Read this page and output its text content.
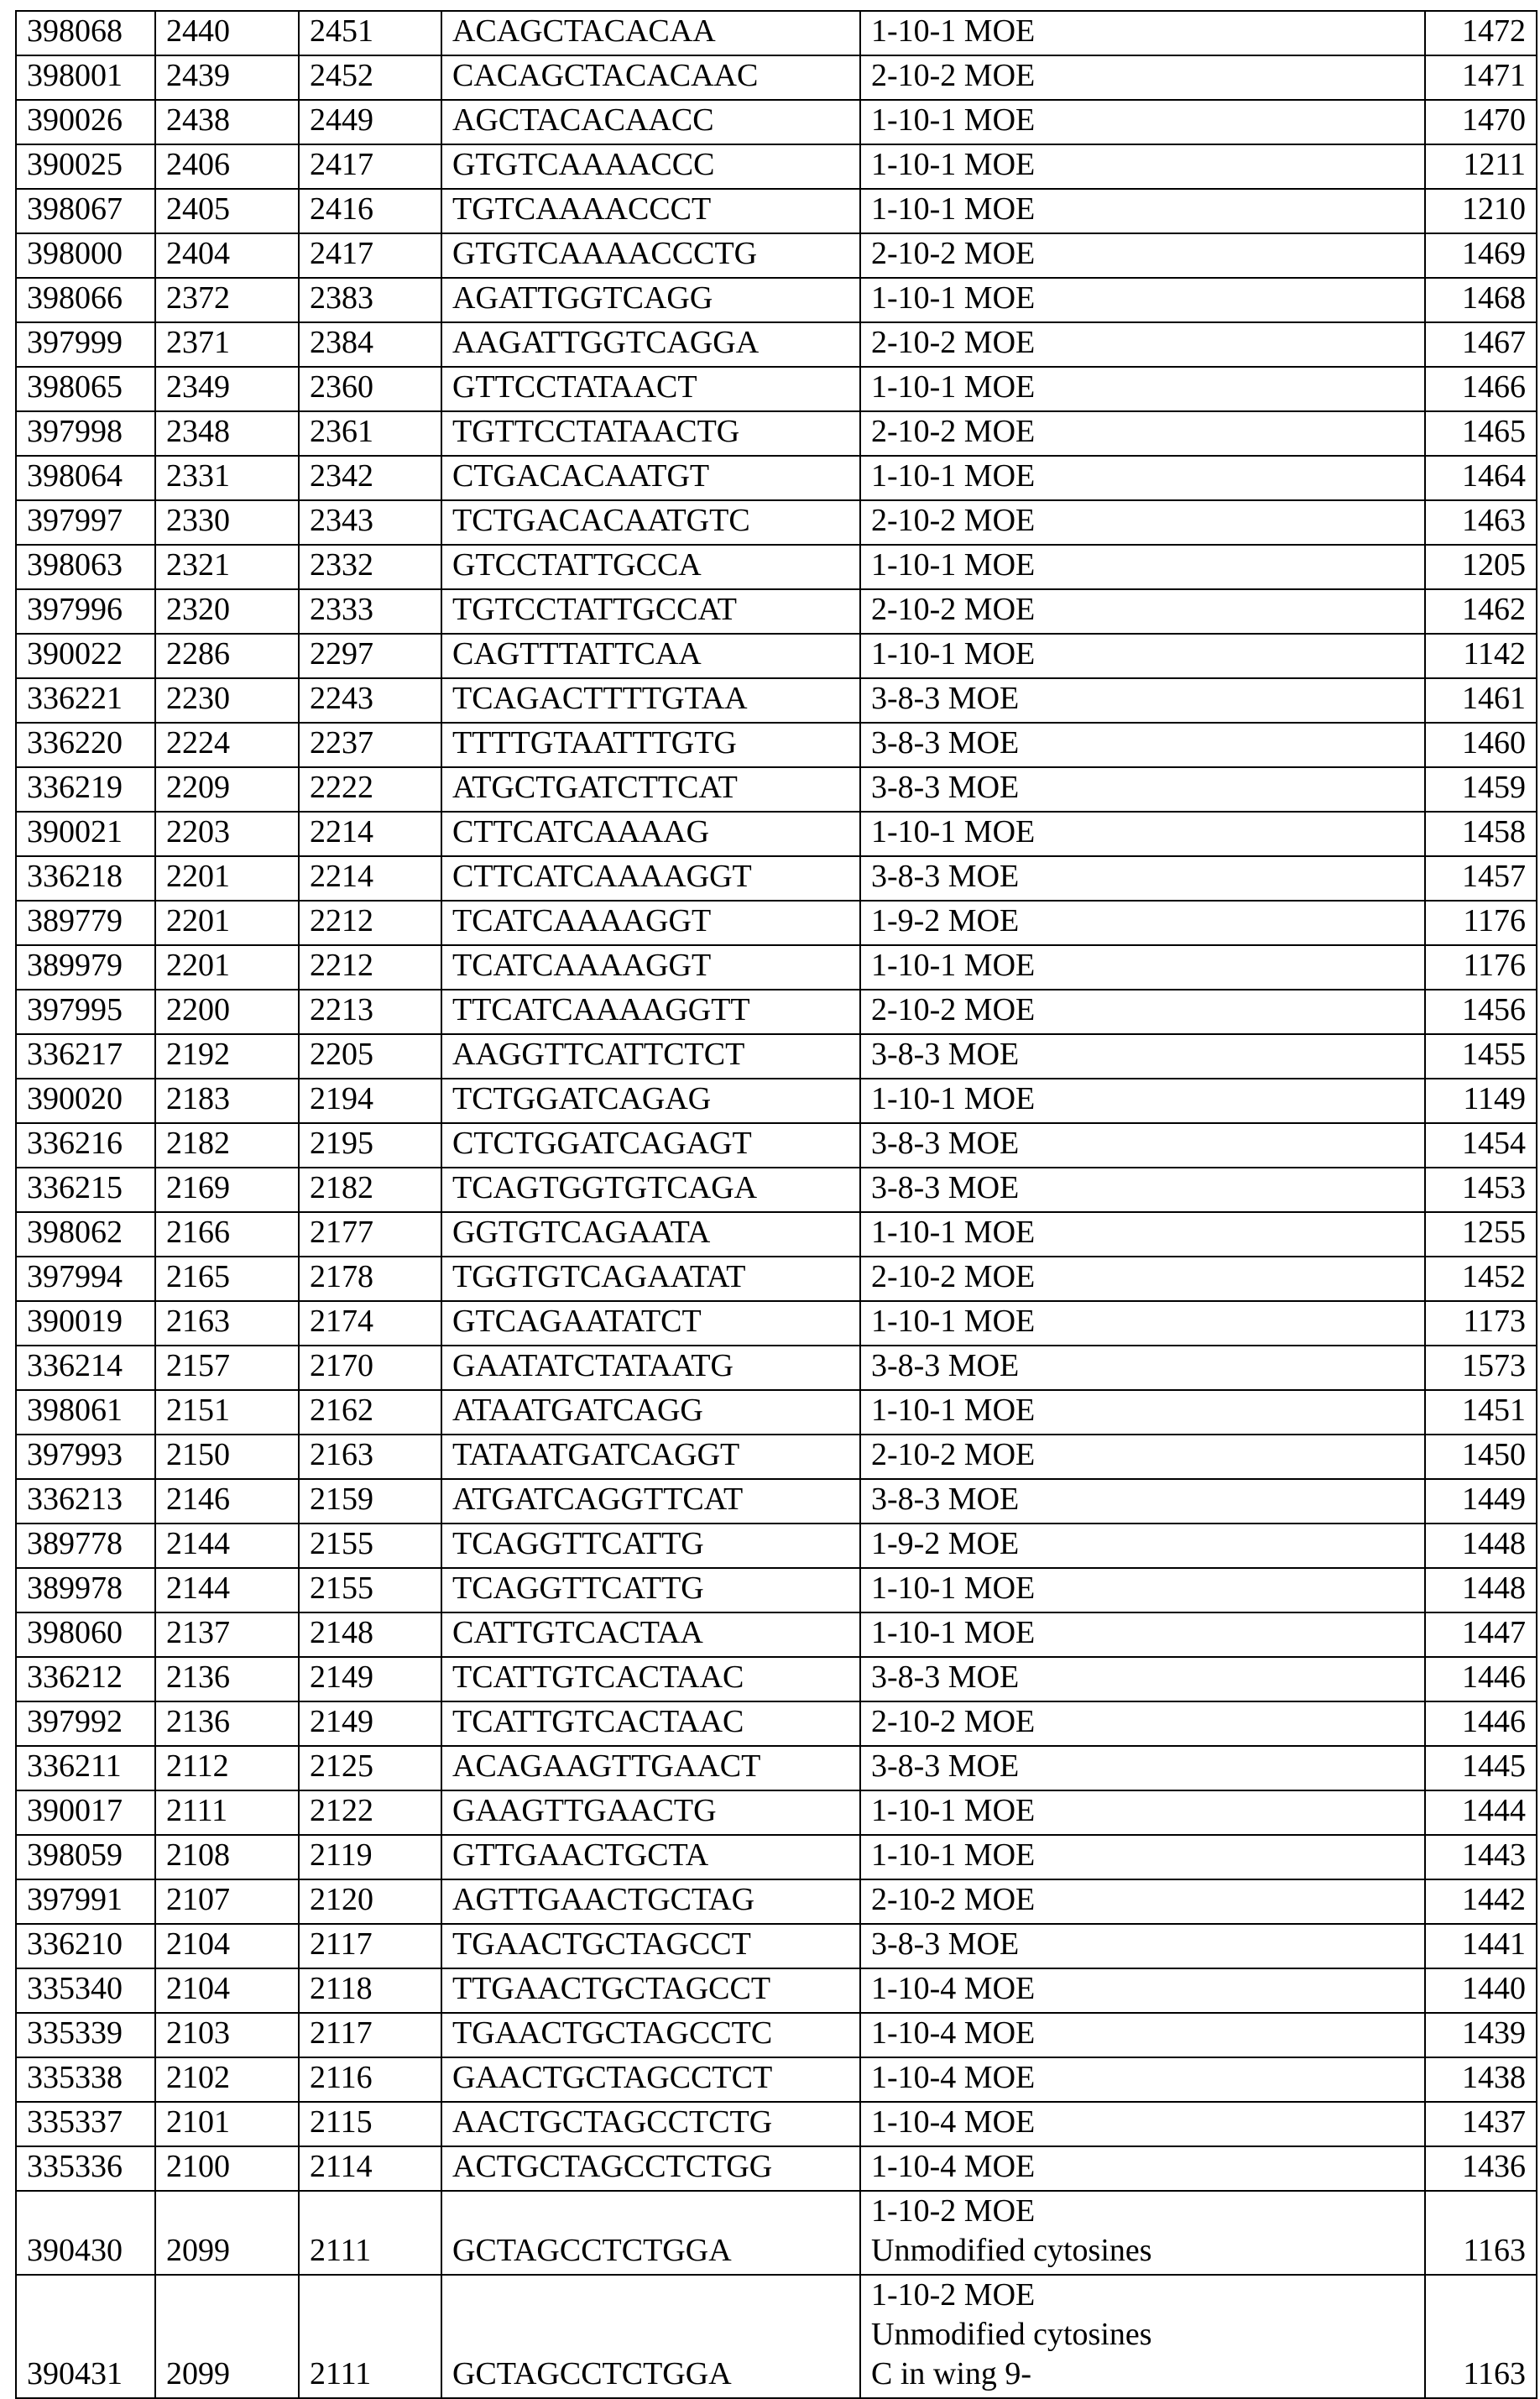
398068	2440	2451	ACAGCTACACAA	1-10-1 MOE	1472
398001	2439	2452	CACAGCTACACAAC	2-10-2 MOE	1471
390026	2438	2449	AGCTACACAACC	1-10-1 MOE	1470
390025	2406	2417	GTGTCAAAACCC	1-10-1 MOE	1211
398067	2405	2416	TGTCAAAACCCT	1-10-1 MOE	1210
398000	2404	2417	GTGTCAAAACCCTG	2-10-2 MOE	1469
398066	2372	2383	AGATTGGTCAGG	1-10-1 MOE	1468
397999	2371	2384	AAGATTGGTCAGGA	2-10-2 MOE	1467
398065	2349	2360	GTTCCTATAACT	1-10-1 MOE	1466
397998	2348	2361	TGTTCCTATAACTG	2-10-2 MOE	1465
398064	2331	2342	CTGACACAATGT	1-10-1 MOE	1464
397997	2330	2343	TCTGACACAATGTC	2-10-2 MOE	1463
398063	2321	2332	GTCCTATTGCCA	1-10-1 MOE	1205
397996	2320	2333	TGTCCTATTGCCAT	2-10-2 MOE	1462
390022	2286	2297	CAGTTTATTCAA	1-10-1 MOE	1142
336221	2230	2243	TCAGACTTTTGTAA	3-8-3 MOE	1461
336220	2224	2237	TTTTGTAATTTGTG	3-8-3 MOE	1460
336219	2209	2222	ATGCTGATCTTCAT	3-8-3 MOE	1459
390021	2203	2214	CTTCATCAAAAG	1-10-1 MOE	1458
336218	2201	2214	CTTCATCAAAAGGT	3-8-3 MOE	1457
389779	2201	2212	TCATCAAAAGGT	1-9-2 MOE	1176
389979	2201	2212	TCATCAAAAGGT	1-10-1 MOE	1176
397995	2200	2213	TTCATCAAAAGGTT	2-10-2 MOE	1456
336217	2192	2205	AAGGTTCATTCTCT	3-8-3 MOE	1455
390020	2183	2194	TCTGGATCAGAG	1-10-1 MOE	1149
336216	2182	2195	CTCTGGATCAGAGT	3-8-3 MOE	1454
336215	2169	2182	TCAGTGGTGTCAGA	3-8-3 MOE	1453
398062	2166	2177	GGTGTCAGAATA	1-10-1 MOE	1255
397994	2165	2178	TGGTGTCAGAATAT	2-10-2 MOE	1452
390019	2163	2174	GTCAGAATATCT	1-10-1 MOE	1173
336214	2157	2170	GAATATCTATAATG	3-8-3 MOE	1573
398061	2151	2162	ATAATGATCAGG	1-10-1 MOE	1451
397993	2150	2163	TATAATGATCAGGT	2-10-2 MOE	1450
336213	2146	2159	ATGATCAGGTTCAT	3-8-3 MOE	1449
389778	2144	2155	TCAGGTTCATTG	1-9-2 MOE	1448
389978	2144	2155	TCAGGTTCATTG	1-10-1 MOE	1448
398060	2137	2148	CATTGTCACTAA	1-10-1 MOE	1447
336212	2136	2149	TCATTGTCACTAAC	3-8-3 MOE	1446
397992	2136	2149	TCATTGTCACTAAC	2-10-2 MOE	1446
336211	2112	2125	ACAGAAGTTGAACT	3-8-3 MOE	1445
390017	2111	2122	GAAGTTGAACTG	1-10-1 MOE	1444
398059	2108	2119	GTTGAACTGCTA	1-10-1 MOE	1443
397991	2107	2120	AGTTGAACTGCTAG	2-10-2 MOE	1442
336210	2104	2117	TGAACTGCTAGCCT	3-8-3 MOE	1441
335340	2104	2118	TTGAACTGCTAGCCT	1-10-4 MOE	1440
335339	2103	2117	TGAACTGCTAGCCTC	1-10-4 MOE	1439
335338	2102	2116	GAACTGCTAGCCTCT	1-10-4 MOE	1438
335337	2101	2115	AACTGCTAGCCTCTG	1-10-4 MOE	1437
335336	2100	2114	ACTGCTAGCCTCTGG	1-10-4 MOE	1436
390430	2099	2111	GCTAGCCTCTGGA	
1-10-2 MOE
Unmodified cytosines	1163
390431	2099	2111	GCTAGCCTCTGGA	
1-10-2 MOE
Unmodified cytosines
C in wing 9-	1163
